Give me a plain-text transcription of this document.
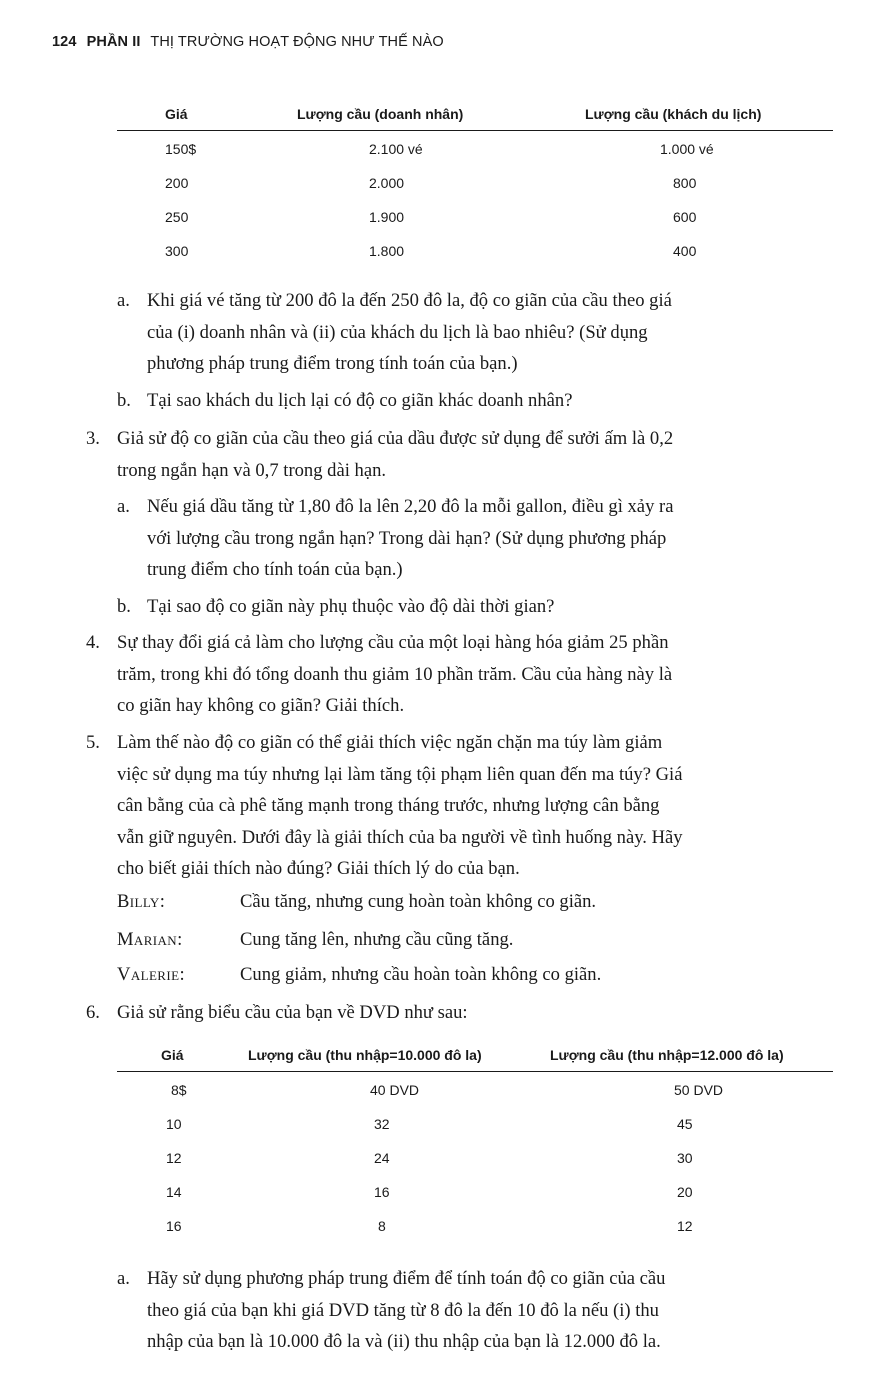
124 PHẦN II THỊ TRƯỜNG HOẠT ĐỘNG NHƯ THẾ NÀO
Giá	Lượng cầu (doanh nhân)	Lượng cầu (khách du lịch)
150$	2.100 vé	1.000 vé
200	2.000	800
250	1.900	600
300	1.800	400
a. Khi giá vé tăng từ 200 đô la đến 250 đô la, độ co giãn của cầu theo giá
của (i) doanh nhân và (ii) của khách du lịch là bao nhiêu? (Sử dụng
phương pháp trung điểm trong tính toán của bạn.)
b. Tại sao khách du lịch lại có độ co giãn khác doanh nhân?
3. Giả sử độ co giãn của cầu theo giá của dầu được sử dụng để sưởi ấm là 0,2
trong ngắn hạn và 0,7 trong dài hạn.
a. Nếu giá dầu tăng từ 1,80 đô la lên 2,20 đô la mỗi gallon, điều gì xảy ra
với lượng cầu trong ngắn hạn? Trong dài hạn? (Sử dụng phương pháp
trung điểm cho tính toán của bạn.)
b. Tại sao độ co giãn này phụ thuộc vào độ dài thời gian?
4. Sự thay đổi giá cả làm cho lượng cầu của một loại hàng hóa giảm 25 phần
trăm, trong khi đó tổng doanh thu giảm 10 phần trăm. Cầu của hàng này là
co giãn hay không co giãn? Giải thích.
5. Làm thế nào độ co giãn có thể giải thích việc ngăn chặn ma túy làm giảm
việc sử dụng ma túy nhưng lại làm tăng tội phạm liên quan đến ma túy? Giá
cân bằng của cà phê tăng mạnh trong tháng trước, nhưng lượng cân bằng
vẫn giữ nguyên. Dưới đây là giải thích của ba người về tình huống này. Hãy
cho biết giải thích nào đúng? Giải thích lý do của bạn.
Billy:	Cầu tăng, nhưng cung hoàn toàn không co giãn.
Marian:	Cung tăng lên, nhưng cầu cũng tăng.
Valerie:	Cung giảm, nhưng cầu hoàn toàn không co giãn.
6. Giả sử rằng biểu cầu của bạn về DVD như sau:
Giá	Lượng cầu (thu nhập=10.000 đô la)	Lượng cầu (thu nhập=12.000 đô la)
8$	40 DVD	50 DVD
10	32	45
12	24	30
14	16	20
16	8	12
a. Hãy sử dụng phương pháp trung điểm để tính toán độ co giãn của cầu
theo giá của bạn khi giá DVD tăng từ 8 đô la đến 10 đô la nếu (i) thu
nhập của bạn là 10.000 đô la và (ii) thu nhập của bạn là 12.000 đô la.
